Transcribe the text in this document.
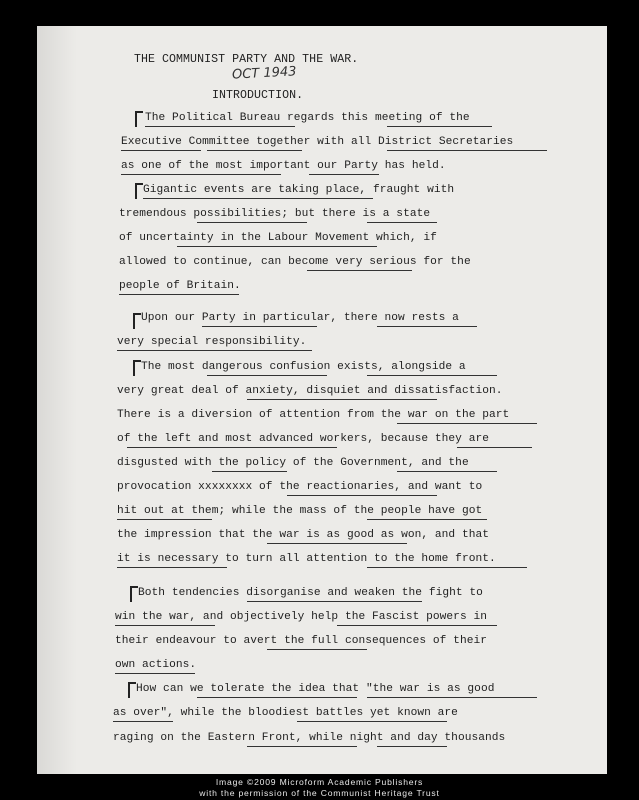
THE COMMUNIST PARTY AND THE WAR.
OCT 1943
INTRODUCTION.
The Political Bureau regards this meeting of the
Executive Committee together with all District Secretaries
as one of the most important our Party has held.
Gigantic events are taking place, fraught with
tremendous possibilities; but there is a state
of uncertainty in the Labour Movement which, if
allowed to continue, can become very serious for the
people of Britain.
Upon our Party in particular, there now rests a
very special responsibility.
The most dangerous confusion exists, alongside a
very great deal of anxiety, disquiet and dissatisfaction.
There is a diversion of attention from the war on the part
of the left and most advanced workers, because they are
disgusted with the policy of the Government, and the
provocation xxxxxxxx of the reactionaries, and want to
hit out at them; while the mass of the people have got
the impression that the war is as good as won, and that
it is necessary to turn all attention to the home front.
Both tendencies disorganise and weaken the fight to
win the war, and objectively help the Fascist powers in
their endeavour to avert the full consequences of their
own actions.
How can we tolerate the idea that "the war is as good
as over", while the bloodiest battles yet known are
raging on the Eastern Front, while night and day thousands
Image ©2009 Microform Academic Publishers
with the permission of the Communist Heritage Trust
